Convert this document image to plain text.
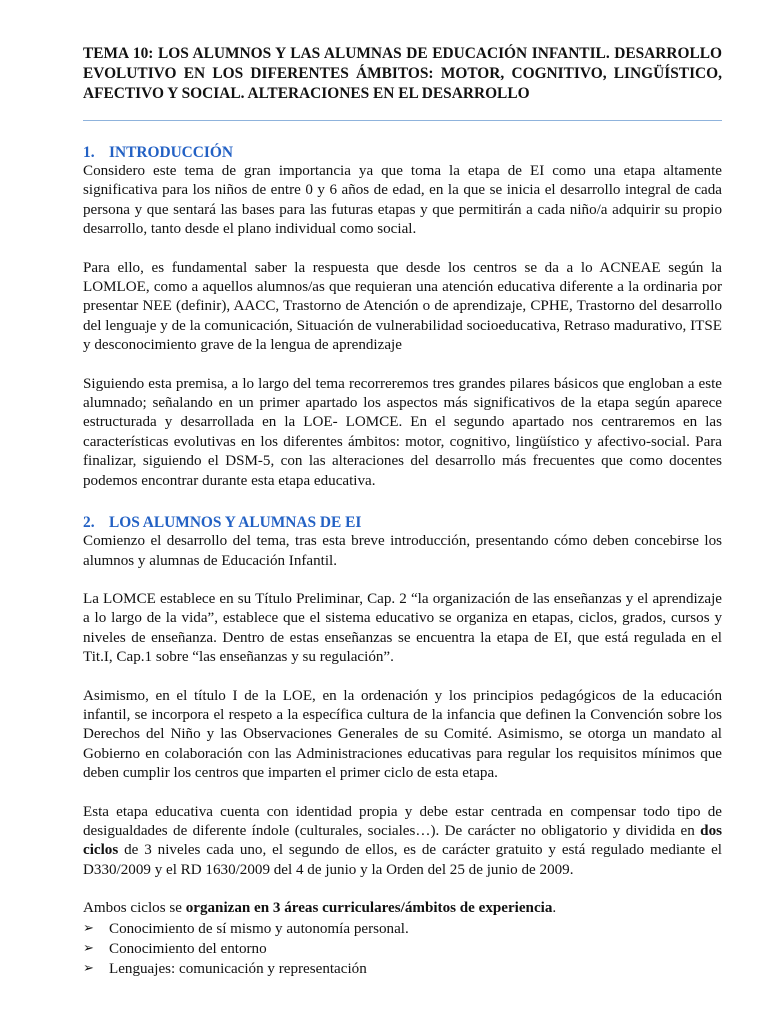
TEMA 10: LOS ALUMNOS Y LAS ALUMNAS DE EDUCACIÓN INFANTIL. DESARROLLO EVOLUTIVO EN LOS DIFERENTES ÁMBITOS: MOTOR, COGNITIVO, LINGÜÍSTICO, AFECTIVO Y SOCIAL. ALTERACIONES EN EL DESARROLLO
1. INTRODUCCIÓN

Considero este tema de gran importancia ya que toma la etapa de EI como una etapa altamente significativa para los niños de entre 0 y 6 años de edad, en la que se inicia el desarrollo integral de cada persona y que sentará las bases para las futuras etapas y que permitirán a cada niño/a adquirir su propio desarrollo, tanto desde el plano individual como social.

Para ello, es fundamental saber la respuesta que desde los centros se da a lo ACNEAE según la LOMLOE, como a aquellos alumnos/as que requieran una atención educativa diferente a la ordinaria por presentar NEE (definir), AACC, Trastorno de Atención o de aprendizaje, CPHE, Trastorno del desarrollo del lenguaje y de la comunicación, Situación de vulnerabilidad socioeducativa, Retraso madurativo, ITSE y desconocimiento grave de la lengua de aprendizaje

Siguiendo esta premisa, a lo largo del tema recorreremos tres grandes pilares básicos que engloban a este alumnado; señalando en un primer apartado los aspectos más significativos de la etapa según aparece estructurada y desarrollada en la LOE- LOMCE. En el segundo apartado nos centraremos en las características evolutivas en los diferentes ámbitos: motor, cognitivo, lingüístico y afectivo-social. Para finalizar, siguiendo el DSM-5, con las alteraciones del desarrollo más frecuentes que como docentes podemos encontrar durante esta etapa educativa.

2. LOS ALUMNOS Y ALUMNAS DE EI

Comienzo el desarrollo del tema, tras esta breve introducción, presentando cómo deben concebirse los alumnos y alumnas de Educación Infantil.

La LOMCE establece en su Título Preliminar, Cap. 2 “la organización de las enseñanzas y el aprendizaje a lo largo de la vida”, establece que el sistema educativo se organiza en etapas, ciclos, grados, cursos y niveles de enseñanza. Dentro de estas enseñanzas se encuentra la etapa de EI, que está regulada en el Tit.I, Cap.1 sobre “las enseñanzas y su regulación”.

Asimismo, en el título I de la LOE, en la ordenación y los principios pedagógicos de la educación infantil, se incorpora el respeto a la específica cultura de la infancia que definen la Convención sobre los Derechos del Niño y las Observaciones Generales de su Comité. Asimismo, se otorga un mandato al Gobierno en colaboración con las Administraciones educativas para regular los requisitos mínimos que deben cumplir los centros que imparten el primer ciclo de esta etapa.

Esta etapa educativa cuenta con identidad propia y debe estar centrada en compensar todo tipo de desigualdades de diferente índole (culturales, sociales…). De carácter no obligatorio y dividida en dos ciclos de 3 niveles cada uno, el segundo de ellos, es de carácter gratuito y está regulado mediante el D330/2009 y el RD 1630/2009 del 4 de junio y la Orden del 25 de junio de 2009.

Ambos ciclos se organizan en 3 áreas curriculares/ámbitos de experiencia.

➢ Conocimiento de sí mismo y autonomía personal.
➢ Conocimiento del entorno
➢ Lenguajes: comunicación y representación
